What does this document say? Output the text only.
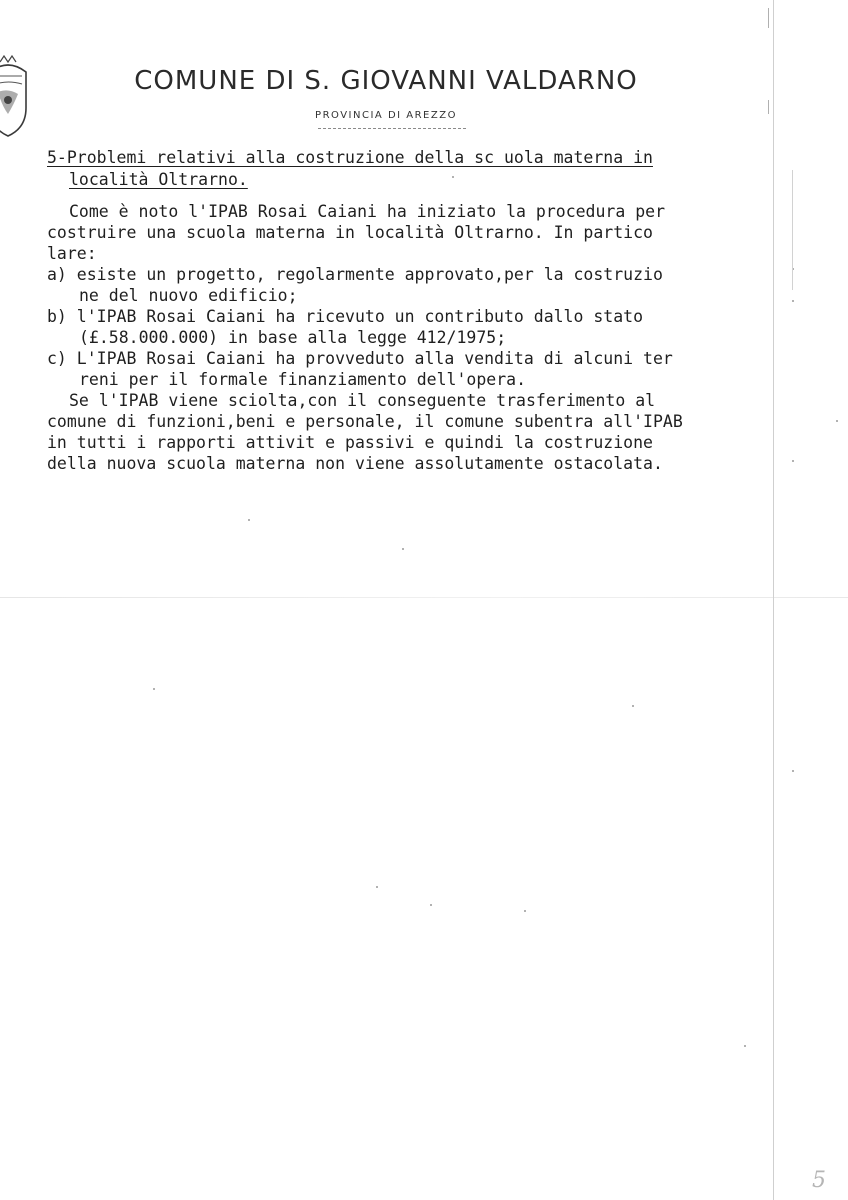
COMUNE DI S. GIOVANNI VALDARNO
PROVINCIA DI AREZZO
5-Problemi relativi alla costruzione della sc uola materna in
località Oltrarno.
Come è noto l'IPAB Rosai Caiani ha iniziato la procedura per
costruire una scuola materna in località Oltrarno. In partico
lare:
a) esiste un progetto, regolarmente approvato,per la costruzio
ne del nuovo edificio;
b) l'IPAB Rosai Caiani ha ricevuto un contributo dallo stato
(£.58.000.000) in base alla legge 412/1975;
c) L'IPAB Rosai Caiani ha provveduto alla vendita di alcuni ter
reni per il formale finanziamento dell'opera.
Se l'IPAB viene sciolta,con il conseguente trasferimento al
comune di funzioni,beni e personale, il comune subentra all'IPAB
in tutti i rapporti attivit e passivi e quindi la costruzione
della nuova scuola materna non viene assolutamente ostacolata.
5
